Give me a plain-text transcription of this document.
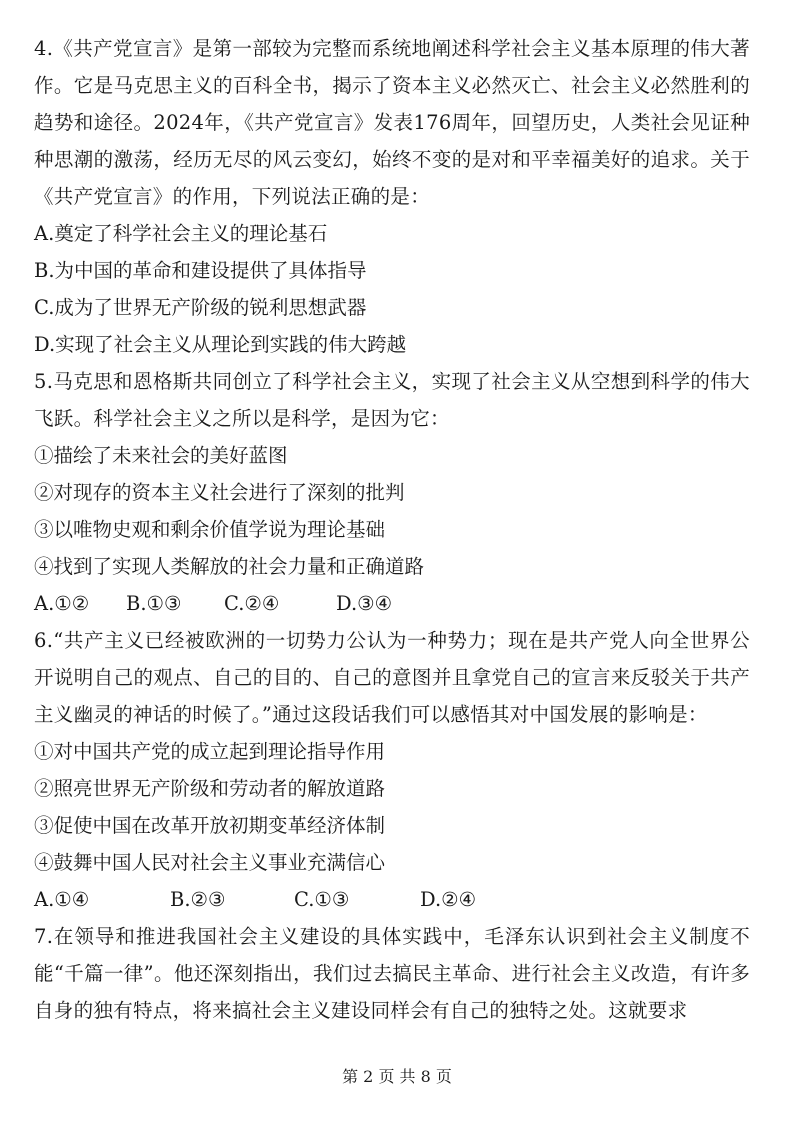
4.《共产党宣言》是第一部较为完整而系统地阐述科学社会主义基本原理的伟大著作。它是马克思主义的百科全书，揭示了资本主义必然灭亡、社会主义必然胜利的趋势和途径。2024年，《共产党宣言》发表176周年，回望历史，人类社会见证种种思潮的激荡，经历无尽的风云变幻，始终不变的是对和平幸福美好的追求。关于《共产党宣言》的作用，下列说法正确的是：

A.奠定了科学社会主义的理论基石

B.为中国的革命和建设提供了具体指导

C.成为了世界无产阶级的锐利思想武器

D.实现了社会主义从理论到实践的伟大跨越

5.马克思和恩格斯共同创立了科学社会主义，实现了社会主义从空想到科学的伟大飞跃。科学社会主义之所以是科学，是因为它：

①描绘了未来社会的美好蓝图

②对现存的资本主义社会进行了深刻的批判

③以唯物史观和剩余价值学说为理论基础

④找到了实现人类解放的社会力量和正确道路

A.①②	B.①③	C.②④	D.③④

6.“共产主义已经被欧洲的一切势力公认为一种势力；现在是共产党人向全世界公开说明自己的观点、自己的目的、自己的意图并且拿党自己的宣言来反驳关于共产主义幽灵的神话的时候了。”通过这段话我们可以感悟其对中国发展的影响是：

①对中国共产党的成立起到理论指导作用

②照亮世界无产阶级和劳动者的解放道路

③促使中国在改革开放初期变革经济体制

④鼓舞中国人民对社会主义事业充满信心

A.①④	B.②③	C.①③	D.②④

7.在领导和推进我国社会主义建设的具体实践中，毛泽东认识到社会主义制度不能“千篇一律”。他还深刻指出，我们过去搞民主革命、进行社会主义改造，有许多自身的独有特点，将来搞社会主义建设同样会有自己的独特之处。这就要求

第 2 页 共 8 页
